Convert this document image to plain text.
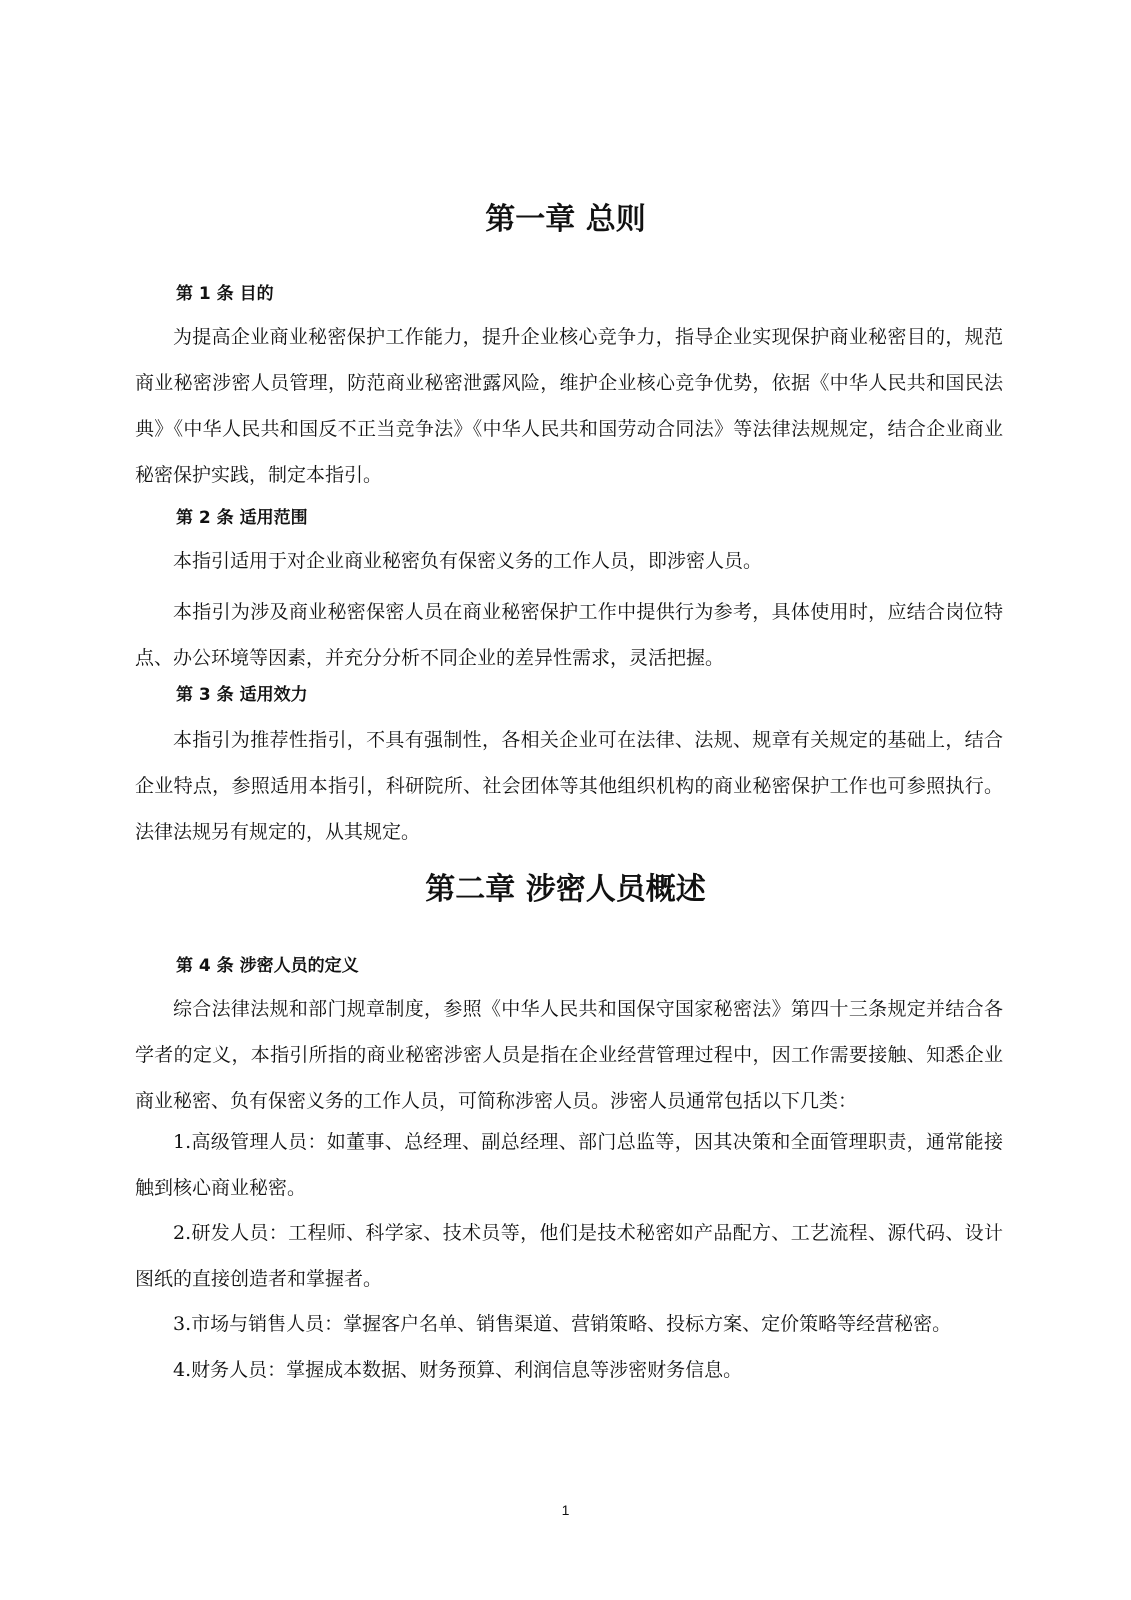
第一章 总则
第 1 条 目的

为提高企业商业秘密保护工作能力，提升企业核心竞争力，指导企业实现保护商业秘密目的，规范商业秘密涉密人员管理，防范商业秘密泄露风险，维护企业核心竞争优势，依据《中华人民共和国民法典》《中华人民共和国反不正当竞争法》《中华人民共和国劳动合同法》等法律法规规定，结合企业商业秘密保护实践，制定本指引。

第 2 条 适用范围

本指引适用于对企业商业秘密负有保密义务的工作人员，即涉密人员。

本指引为涉及商业秘密保密人员在商业秘密保护工作中提供行为参考，具体使用时，应结合岗位特点、办公环境等因素，并充分分析不同企业的差异性需求，灵活把握。

第 3 条 适用效力

本指引为推荐性指引，不具有强制性，各相关企业可在法律、法规、规章有关规定的基础上，结合企业特点，参照适用本指引，科研院所、社会团体等其他组织机构的商业秘密保护工作也可参照执行。法律法规另有规定的，从其规定。

第二章 涉密人员概述
第 4 条 涉密人员的定义

综合法律法规和部门规章制度，参照《中华人民共和国保守国家秘密法》第四十三条规定并结合各学者的定义，本指引所指的商业秘密涉密人员是指在企业经营管理过程中，因工作需要接触、知悉企业商业秘密、负有保密义务的工作人员，可简称涉密人员。涉密人员通常包括以下几类：

1.高级管理人员：如董事、总经理、副总经理、部门总监等，因其决策和全面管理职责，通常能接触到核心商业秘密。

2.研发人员：工程师、科学家、技术员等，他们是技术秘密如产品配方、工艺流程、源代码、设计图纸的直接创造者和掌握者。

3.市场与销售人员：掌握客户名单、销售渠道、营销策略、投标方案、定价策略等经营秘密。

4.财务人员：掌握成本数据、财务预算、利润信息等涉密财务信息。

1
